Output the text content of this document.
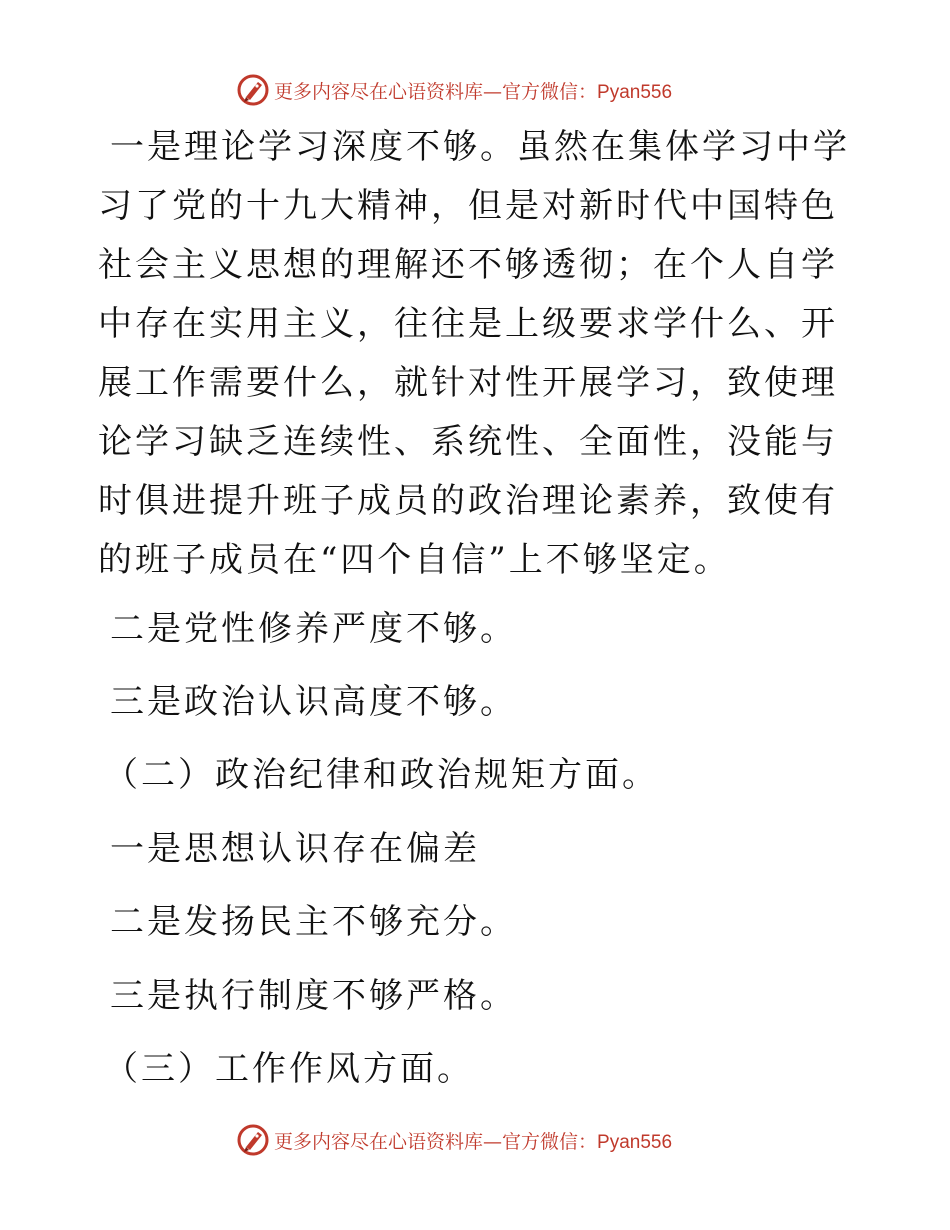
更多内容尽在心语资料库—官方微信：Pyan556

一是理论学习深度不够。虽然在集体学习中学习了党的十九大精神，但是对新时代中国特色社会主义思想的理解还不够透彻；在个人自学中存在实用主义，往往是上级要求学什么、开展工作需要什么，就针对性开展学习，致使理论学习缺乏连续性、系统性、全面性，没能与时俱进提升班子成员的政治理论素养，致使有的班子成员在“四个自信”上不够坚定。

二是党性修养严度不够。
三是政治认识高度不够。
（二）政治纪律和政治规矩方面。
一是思想认识存在偏差
二是发扬民主不够充分。
三是执行制度不够严格。
（三）工作作风方面。
更多内容尽在心语资料库—官方微信：Pyan556
